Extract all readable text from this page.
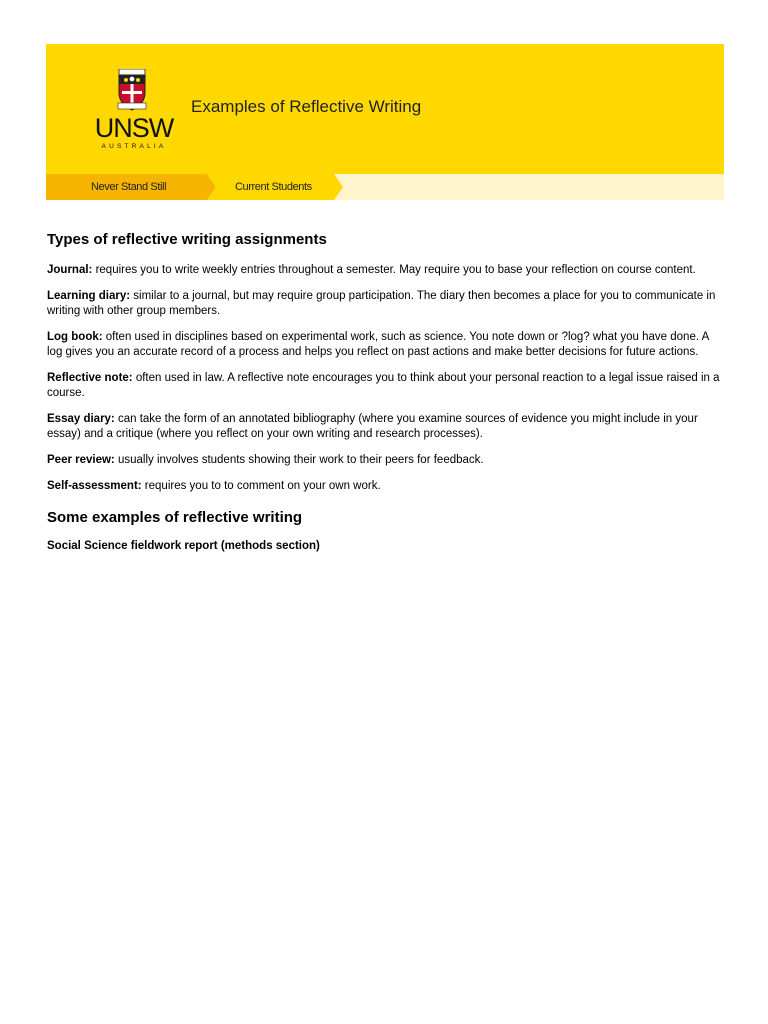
UNSW
AUSTRALIA
Examples of Reflective Writing
Never Stand Still	Current Students
Types of reflective writing assignments

Journal: requires you to write weekly entries throughout a semester. May require you to base your reflection on course content.

Learning diary: similar to a journal, but may require group participation. The diary then becomes a place for you to communicate in writing with other group members.

Log book: often used in disciplines based on experimental work, such as science. You note down or ?log? what you have done. A log gives you an accurate record of a process and helps you reflect on past actions and make better decisions for future actions.

Reflective note: often used in law. A reflective note encourages you to think about your personal reaction to a legal issue raised in a course.

Essay diary: can take the form of an annotated bibliography (where you examine sources of evidence you might include in your essay) and a critique (where you reflect on your own writing and research processes).

Peer review: usually involves students showing their work to their peers for feedback.

Self-assessment: requires you to to comment on your own work.

Some examples of reflective writing

Social Science fieldwork report (methods section)
